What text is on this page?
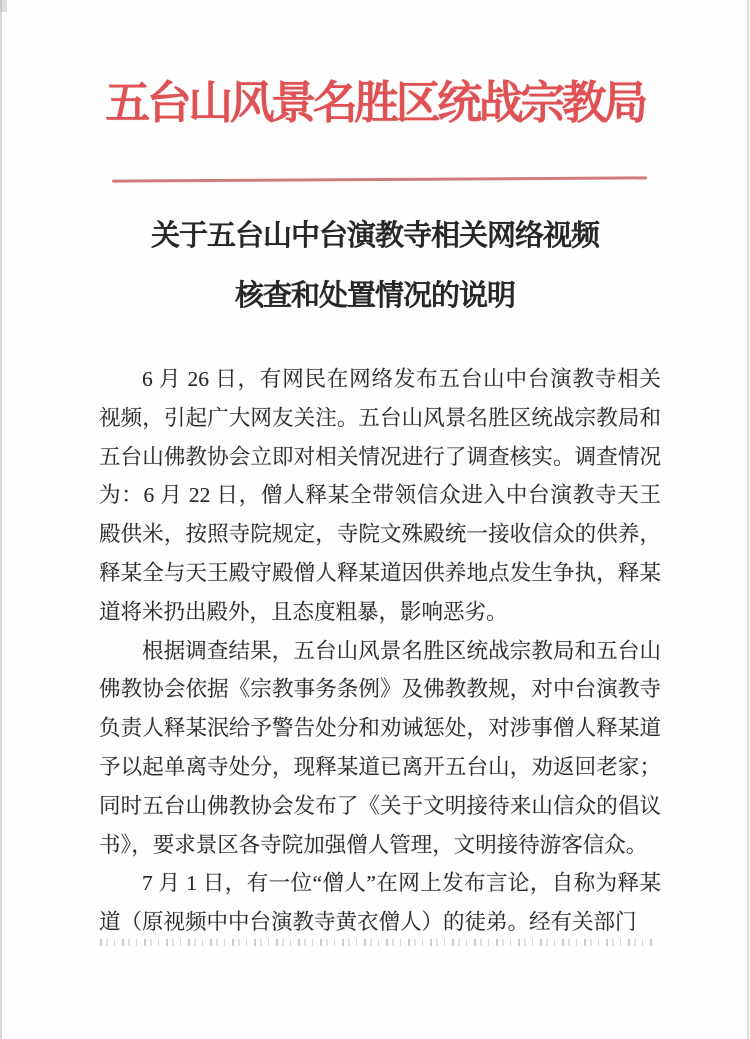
五台山风景名胜区统战宗教局
关于五台山中台演教寺相关网络视频
核查和处置情况的说明

6 月 26 日，有网民在网络发布五台山中台演教寺相关视频，引起广大网友关注。五台山风景名胜区统战宗教局和五台山佛教协会立即对相关情况进行了调查核实。调查情况为：6 月 22 日，僧人释某全带领信众进入中台演教寺天王殿供米，按照寺院规定，寺院文殊殿统一接收信众的供养，释某全与天王殿守殿僧人释某道因供养地点发生争执，释某道将米扔出殿外，且态度粗暴，影响恶劣。

根据调查结果，五台山风景名胜区统战宗教局和五台山佛教协会依据《宗教事务条例》及佛教教规，对中台演教寺负责人释某泯给予警告处分和劝诫惩处，对涉事僧人释某道予以起单离寺处分，现释某道已离开五台山，劝返回老家；同时五台山佛教协会发布了《关于文明接待来山信众的倡议书》，要求景区各寺院加强僧人管理，文明接待游客信众。

7 月 1 日，有一位“僧人”在网上发布言论，自称为释某道（原视频中中台演教寺黄衣僧人）的徒弟。经有关部门
